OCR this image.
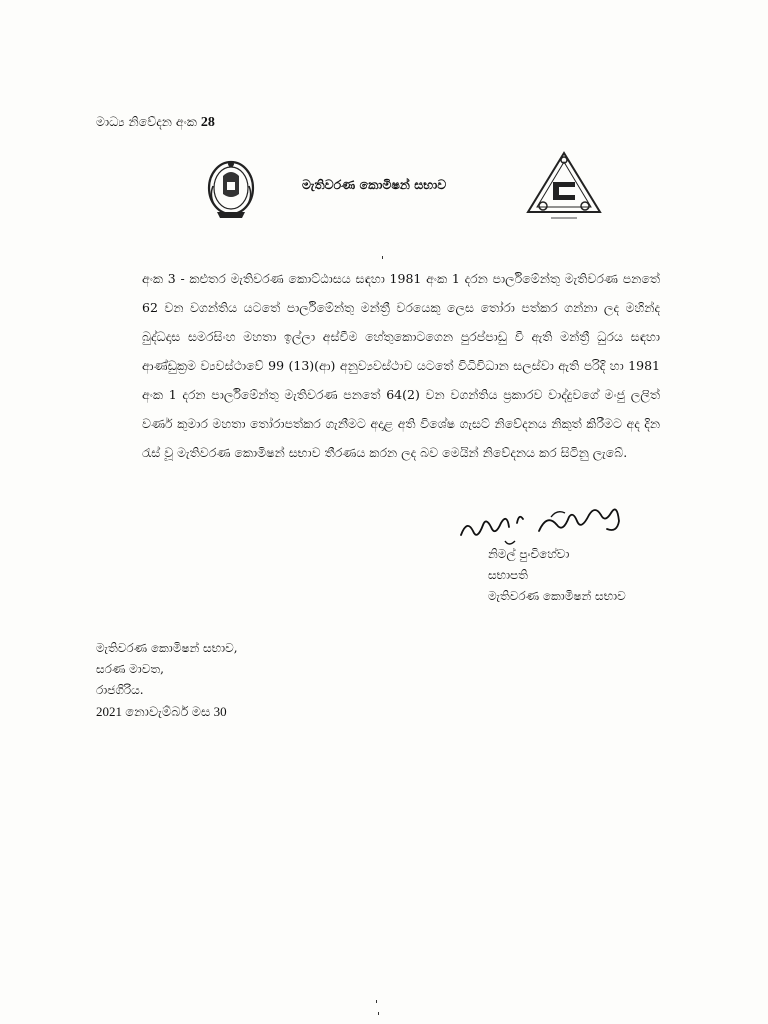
මාධ්‍ය නිවේදන අංක 28
මැතිවරණ කොමිෂන් සභාව
අංක 3 - කළුතර මැතිවරණ කොට්ඨාසය සඳහා 1981 අංක 1 දරන පාර්ලිමේන්තු මැතිවරණ පනතේ 62 වන වගන්තිය යටතේ පාර්ලිමේන්තු මන්ත්‍රී වරයෙකු ලෙස තෝරා පත්කර ගන්නා ලද මහින්ද බුද්ධදාස සමරසිංහ මහතා ඉල්ලා අස්වීම හේතුකොටගෙන පුරප්පාඩු වී ඇති මන්ත්‍රී ධුරය සඳහා ආණ්ඩුක්‍රම ව්‍යවස්ථාවේ 99 (13)(ආ) අනුව්‍යවස්ථාව යටතේ විධිවිධාන සලස්වා ඇති පරිදි හා 1981 අංක 1 දරන පාර්ලිමේන්තු මැතිවරණ පනතේ 64(2) වන වගන්තිය ප්‍රකාරව වාද්දුවගේ මංජු ලලිත් වර්ණ කුමාර මහතා තෝරාපත්කර ගැනීමට අදාළ අති විශේෂ ගැසට් නිවේදනය නිකුත් කිරීමට අද දින රැස් වූ මැතිවරණ කොමිෂන් සභාව තීරණය කරන ලද බව මෙයින් නිවේදනය කර සිටිනු ලැබේ.
නිමල් පුංචිහේවා
සභාපති
මැතිවරණ කොමිෂන් සභාව
මැතිවරණ කොමිෂන් සභාව,
සරණ මාවත,
රාජගිරිය.
2021 නොවැම්බර් මස 30
